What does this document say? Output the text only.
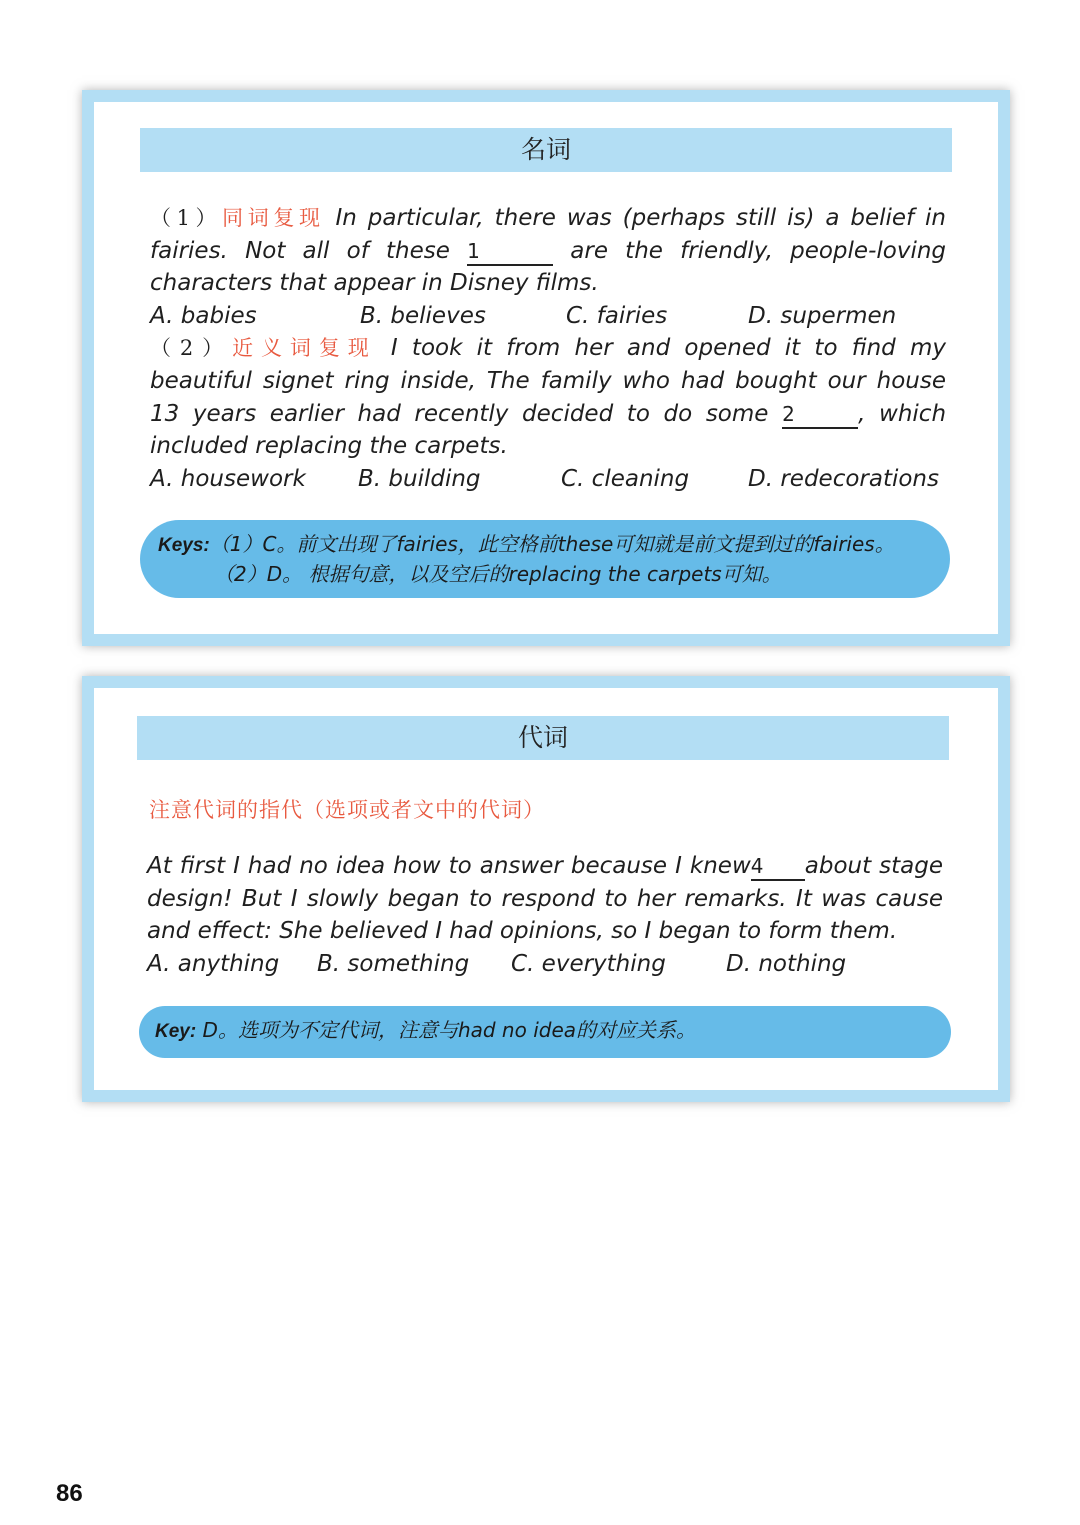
名词
（1）同词复现 In particular, there was (perhaps still is) a belief in
fairies. Not all of these 1	are the friendly, people-loving
characters that appear in Disney films.
A. babies	B. believes	C. fairies	D. supermen
（2）近义词复现 I took it from her and opened it to find my
beautiful signet ring inside, The family who had bought our house
13 years earlier had recently decided to do some 2	, which
included replacing the carpets.
A. housework	B. building	C. cleaning	D. redecorations
Keys:（1）C。前文出现了fairies，此空格前these可知就是前文提到过的fairies。
（2）D。 根据句意，以及空后的replacing the carpets可知。
代词
注意代词的指代（选项或者文中的代词）
At first I had no idea how to answer because I knew4 about stage
design! But I slowly began to respond to her remarks. It was cause
and effect: She believed I had opinions, so I began to form them.
A. anything	B. something	C. everything	D. nothing
Key: D。选项为不定代词，注意与had no idea的对应关系。
86
